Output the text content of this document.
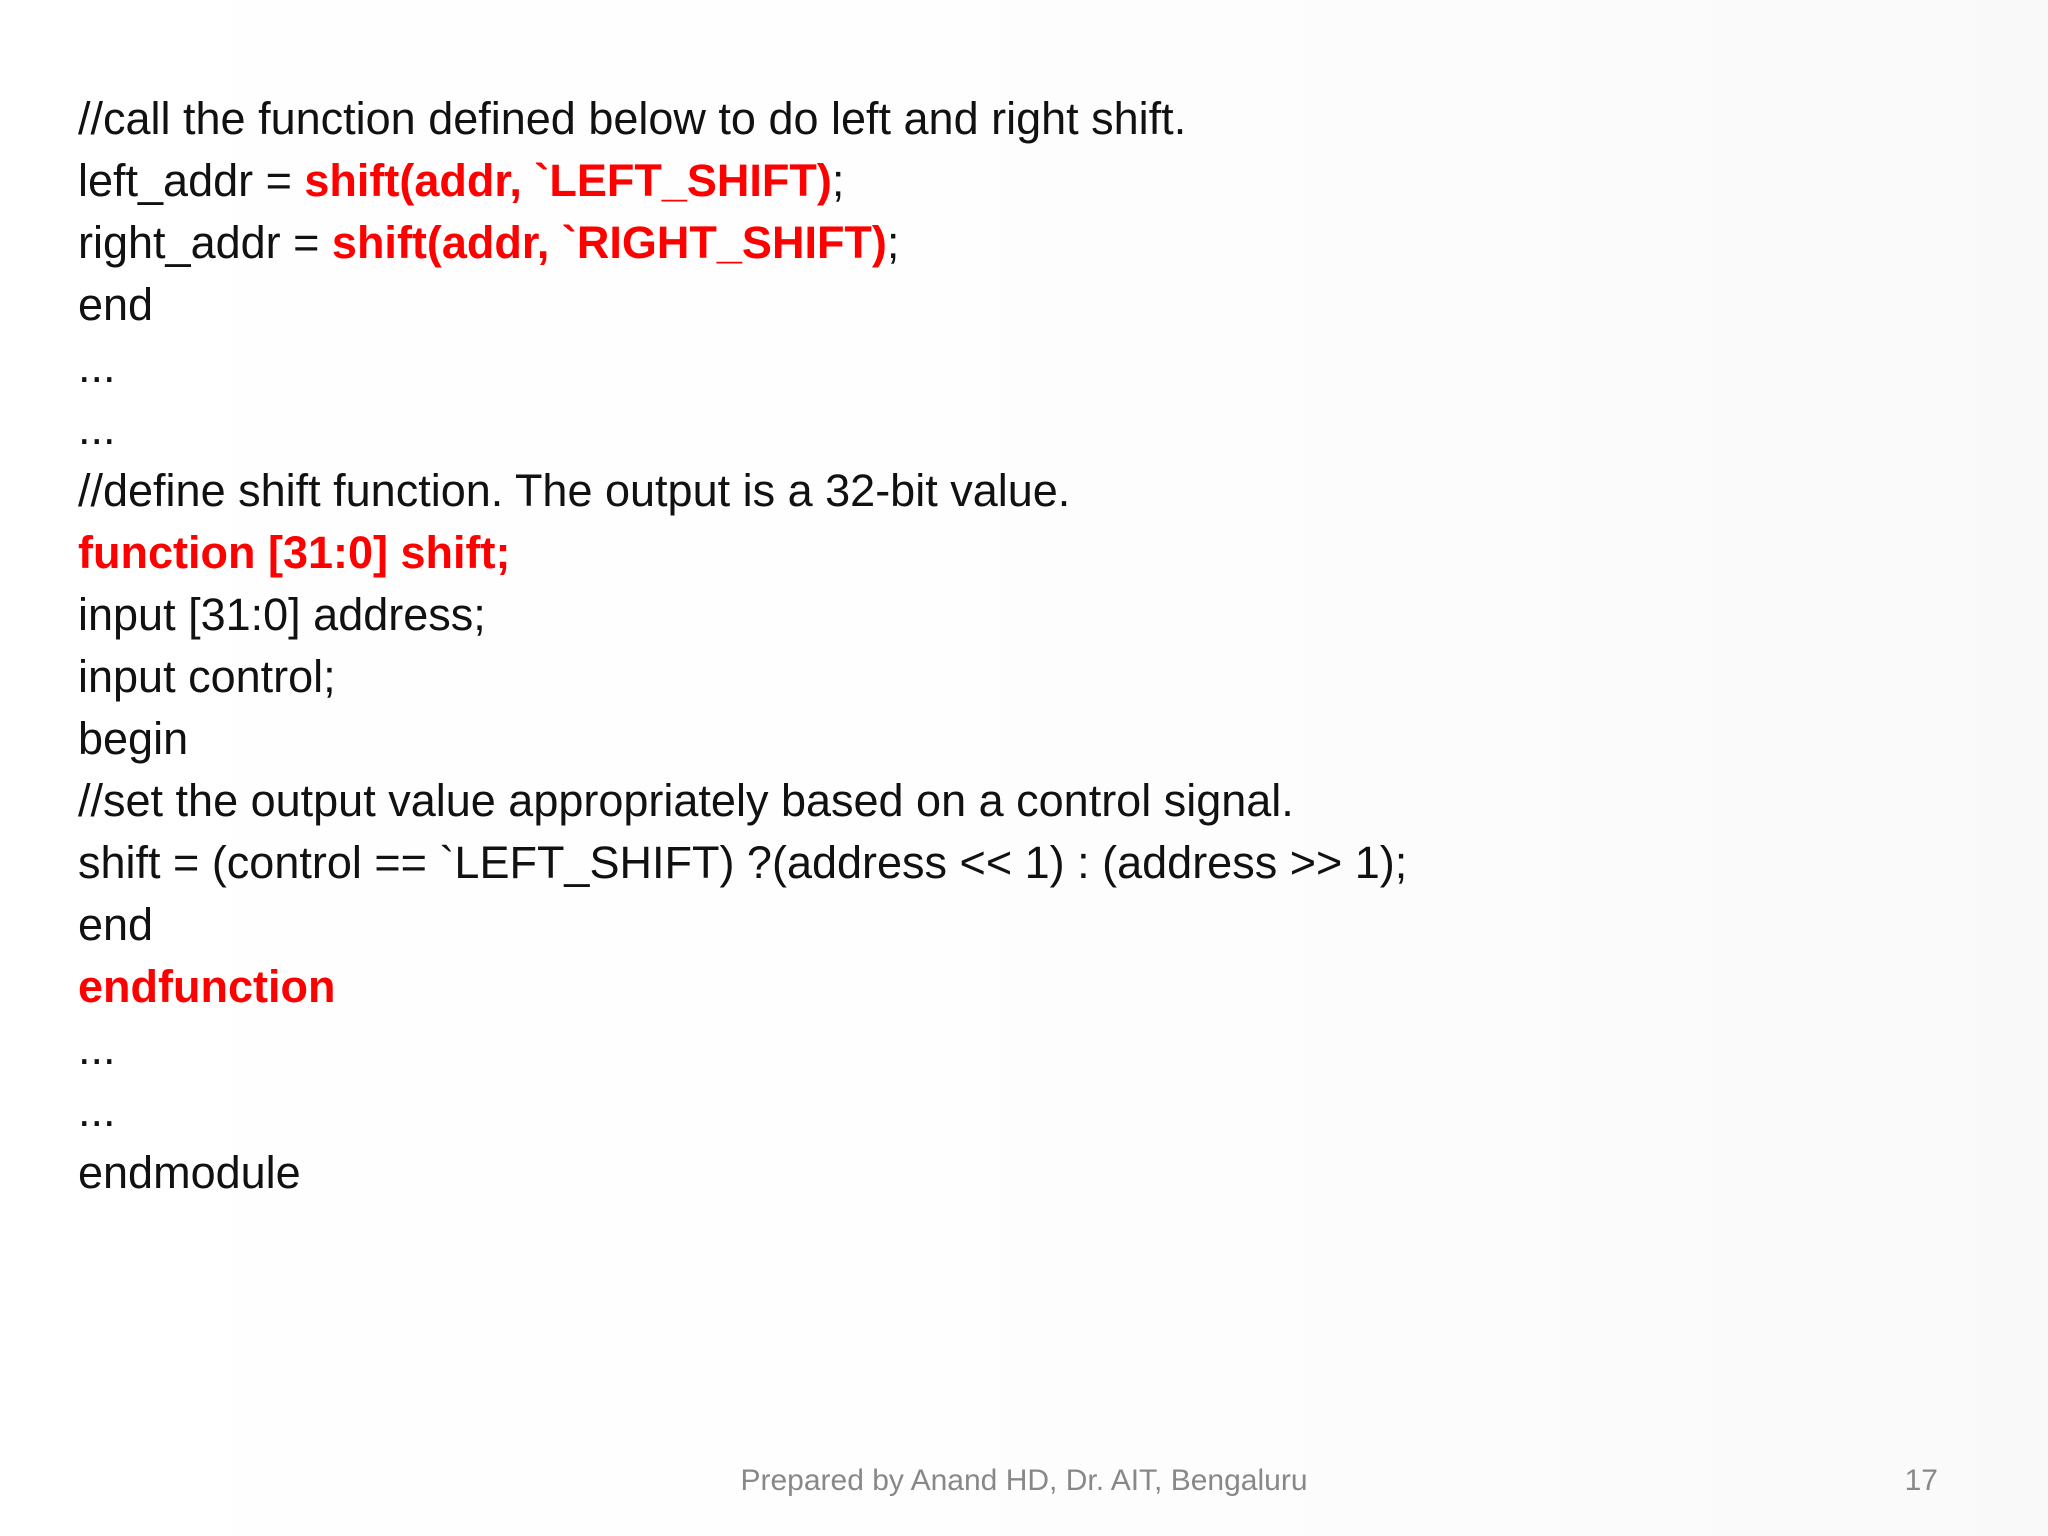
//call the function defined below to do left and right shift.
left_addr = shift(addr, `LEFT_SHIFT);
right_addr = shift(addr, `RIGHT_SHIFT);
end
...
...
//define shift function. The output is a 32-bit value.
function [31:0] shift;
input [31:0] address;
input control;
begin
//set the output value appropriately based on a control signal.
shift = (control == `LEFT_SHIFT) ?(address << 1) : (address >> 1);
end
endfunction
...
...
endmodule
Prepared by Anand HD, Dr. AIT, Bengaluru	17
